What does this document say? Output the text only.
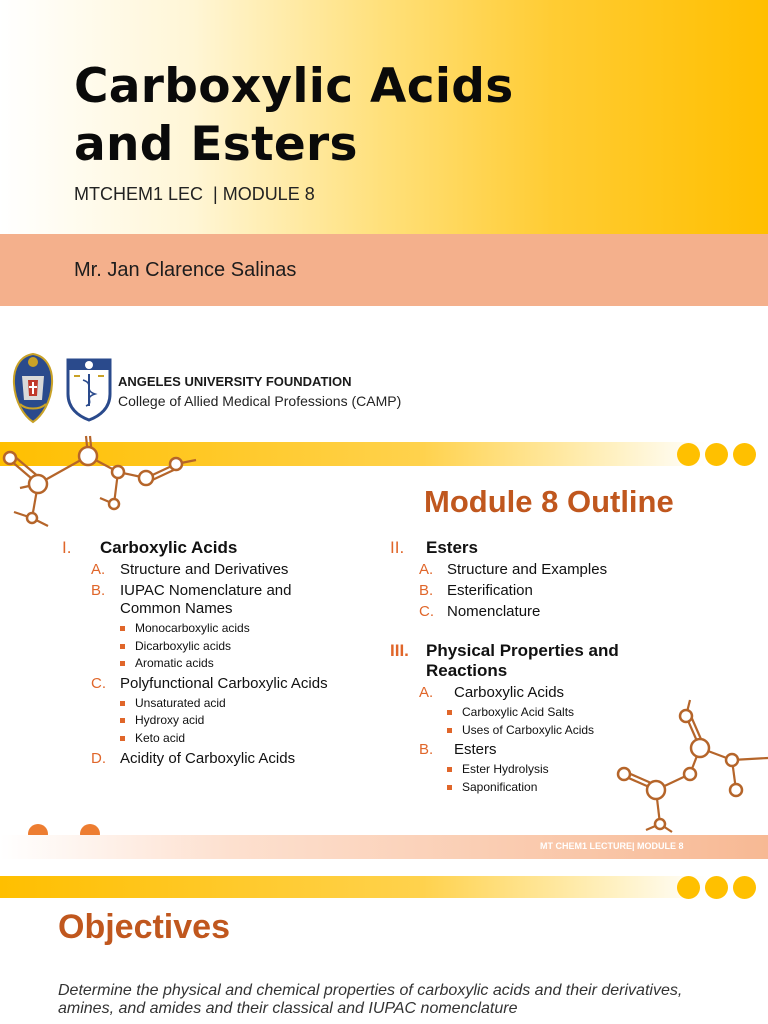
Carboxylic Acids
and Esters
MTCHEM1 LEC  | MODULE 8
Mr. Jan Clarence Salinas
ANGELES UNIVERSITY FOUNDATION
College of Allied Medical Professions (CAMP)
MT CHEM1 LECTURE| MODULE 8
Module 8 Outline
I. Carboxylic Acids
A. Structure and Derivatives
B. IUPAC Nomenclature and
Common Names
Monocarboxylic acids
Dicarboxylic acids
Aromatic acids
C. Polyfunctional Carboxylic Acids
Unsaturated acid
Hydroxy acid
Keto acid
D. Acidity of Carboxylic Acids
II. Esters
A. Structure and Examples
B. Esterification
C. Nomenclature
III. Physical Properties and
Reactions
A. Carboxylic Acids
Carboxylic Acid Salts
Uses of Carboxylic Acids
B. Esters
Ester Hydrolysis
Saponification
MT CHEM1 LECTURE| MODULE 8
Objectives
Determine the physical and chemical properties of carboxylic acids and their derivatives, amines, and amides and their classical and IUPAC nomenclature
